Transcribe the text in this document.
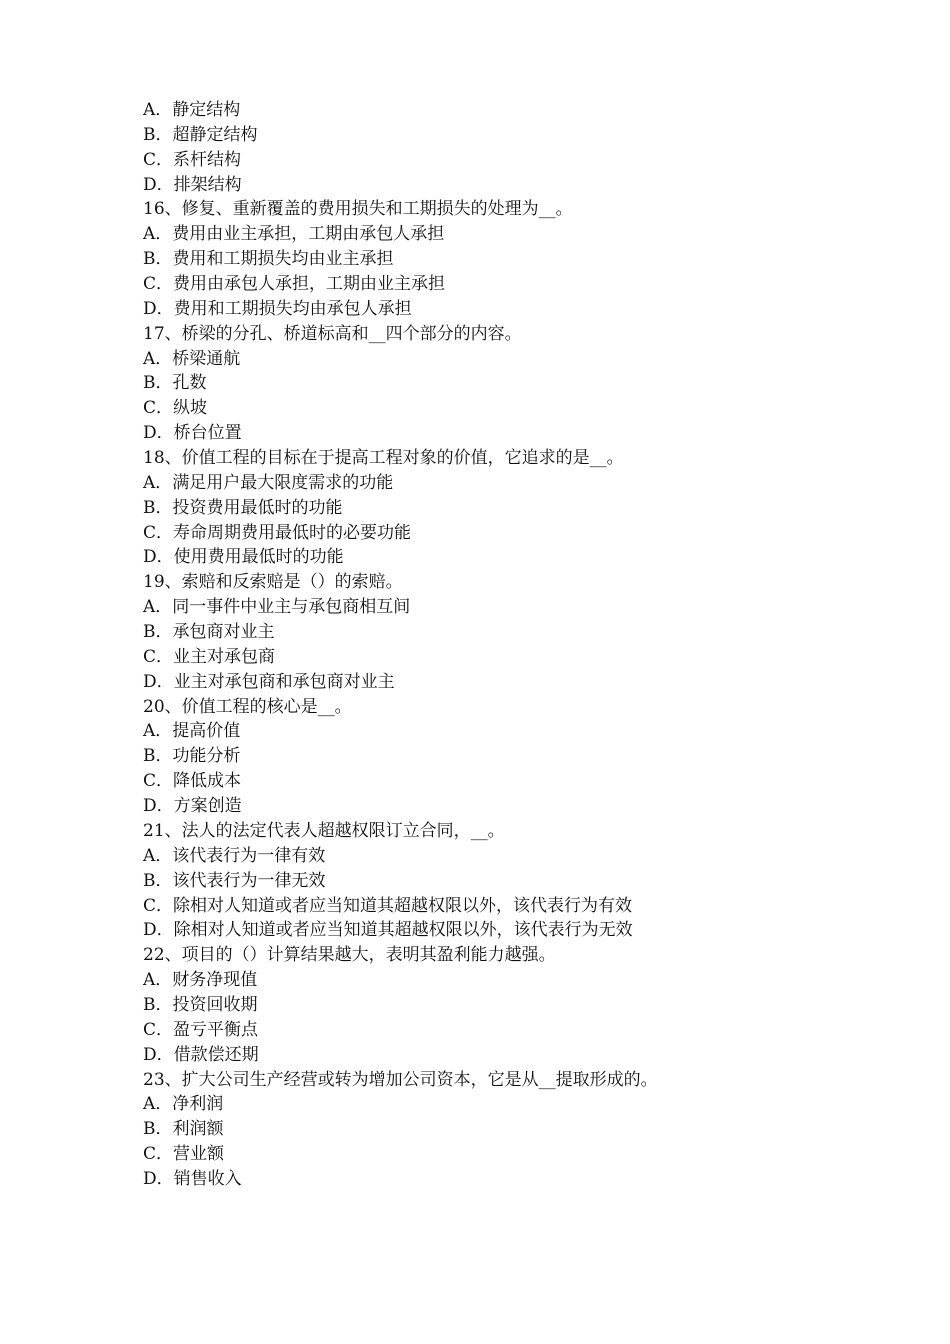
A．静定结构
B．超静定结构
C．系杆结构
D．排架结构
16、修复、重新覆盖的费用损失和工期损失的处理为__。
A．费用由业主承担，工期由承包人承担
B．费用和工期损失均由业主承担
C．费用由承包人承担，工期由业主承担
D．费用和工期损失均由承包人承担
17、桥梁的分孔、桥道标高和__四个部分的内容。
A．桥梁通航
B．孔数
C．纵坡
D．桥台位置
18、价值工程的目标在于提高工程对象的价值，它追求的是__。
A．满足用户最大限度需求的功能
B．投资费用最低时的功能
C．寿命周期费用最低时的必要功能
D．使用费用最低时的功能
19、索赔和反索赔是（）的索赔。
A．同一事件中业主与承包商相互间
B．承包商对业主
C．业主对承包商
D．业主对承包商和承包商对业主
20、价值工程的核心是__。
A．提高价值
B．功能分析
C．降低成本
D．方案创造
21、法人的法定代表人超越权限订立合同，__。
A．该代表行为一律有效
B．该代表行为一律无效
C．除相对人知道或者应当知道其超越权限以外，该代表行为有效
D．除相对人知道或者应当知道其超越权限以外，该代表行为无效
22、项目的（）计算结果越大，表明其盈利能力越强。
A．财务净现值
B．投资回收期
C．盈亏平衡点
D．借款偿还期
23、扩大公司生产经营或转为增加公司资本，它是从__提取形成的。
A．净利润
B．利润额
C．营业额
D．销售收入
